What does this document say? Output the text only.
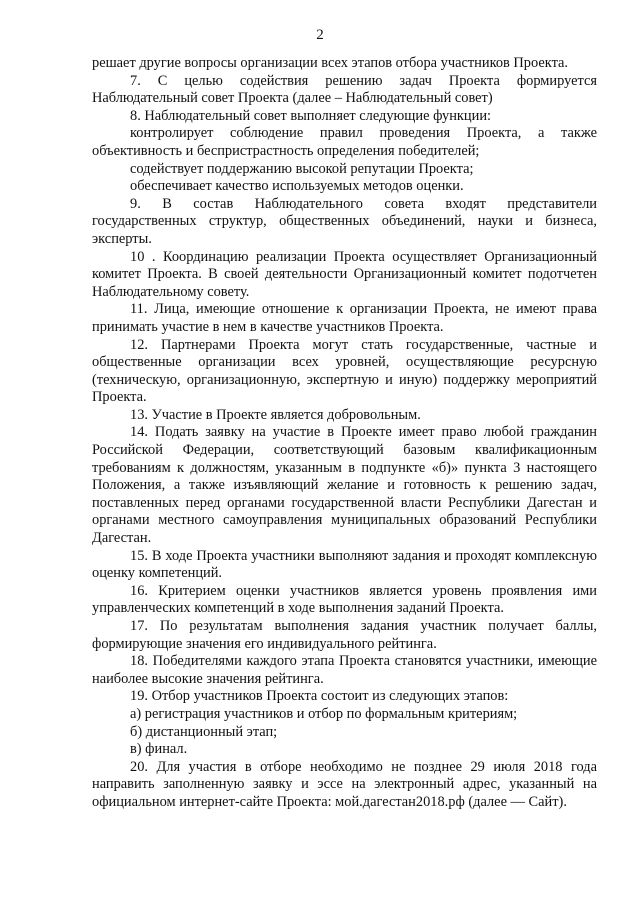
2

решает другие вопросы организации всех этапов отбора участников Проекта.

7. С целью содействия решению задач Проекта формируется Наблюдательный совет Проекта (далее – Наблюдательный совет)

8. Наблюдательный совет выполняет следующие функции:

контролирует соблюдение правил проведения Проекта, а также объективность и беспристрастность определения победителей;

содействует поддержанию высокой репутации Проекта;

обеспечивает качество используемых методов оценки.

9. В состав Наблюдательного совета входят представители государственных структур, общественных объединений, науки и бизнеса, эксперты.

10 . Координацию реализации Проекта осуществляет Организационный комитет Проекта. В своей деятельности Организационный комитет подотчетен Наблюдательному совету.

11. Лица, имеющие отношение к организации Проекта, не имеют права принимать участие в нем в качестве участников Проекта.

12. Партнерами Проекта могут стать государственные, частные и общественные организации всех уровней, осуществляющие ресурсную (техническую, организационную, экспертную и иную) поддержку мероприятий Проекта.

13. Участие в Проекте является добровольным.

14. Подать заявку на участие в Проекте имеет право любой гражданин Российской Федерации, соответствующий базовым квалификационным требованиям к должностям, указанным в подпункте «б)» пункта 3 настоящего Положения, а также изъявляющий желание и готовность к решению задач, поставленных перед органами государственной власти Республики Дагестан и органами местного самоуправления муниципальных образований Республики Дагестан.

15. В ходе Проекта участники выполняют задания и проходят комплексную оценку компетенций.

16. Критерием оценки участников является уровень проявления ими управленческих компетенций в ходе выполнения заданий Проекта.

17. По результатам выполнения задания участник получает баллы, формирующие значения его индивидуального рейтинга.

18. Победителями каждого этапа Проекта становятся участники, имеющие наиболее высокие значения рейтинга.

19. Отбор участников Проекта состоит из следующих этапов:

а) регистрация участников и отбор по формальным критериям;

б) дистанционный этап;

в) финал.

20. Для участия в отборе необходимо не позднее 29 июля 2018 года направить заполненную заявку и эссе на электронный адрес, указанный на официальном интернет-сайте Проекта: мой.дагестан2018.рф (далее — Сайт).
